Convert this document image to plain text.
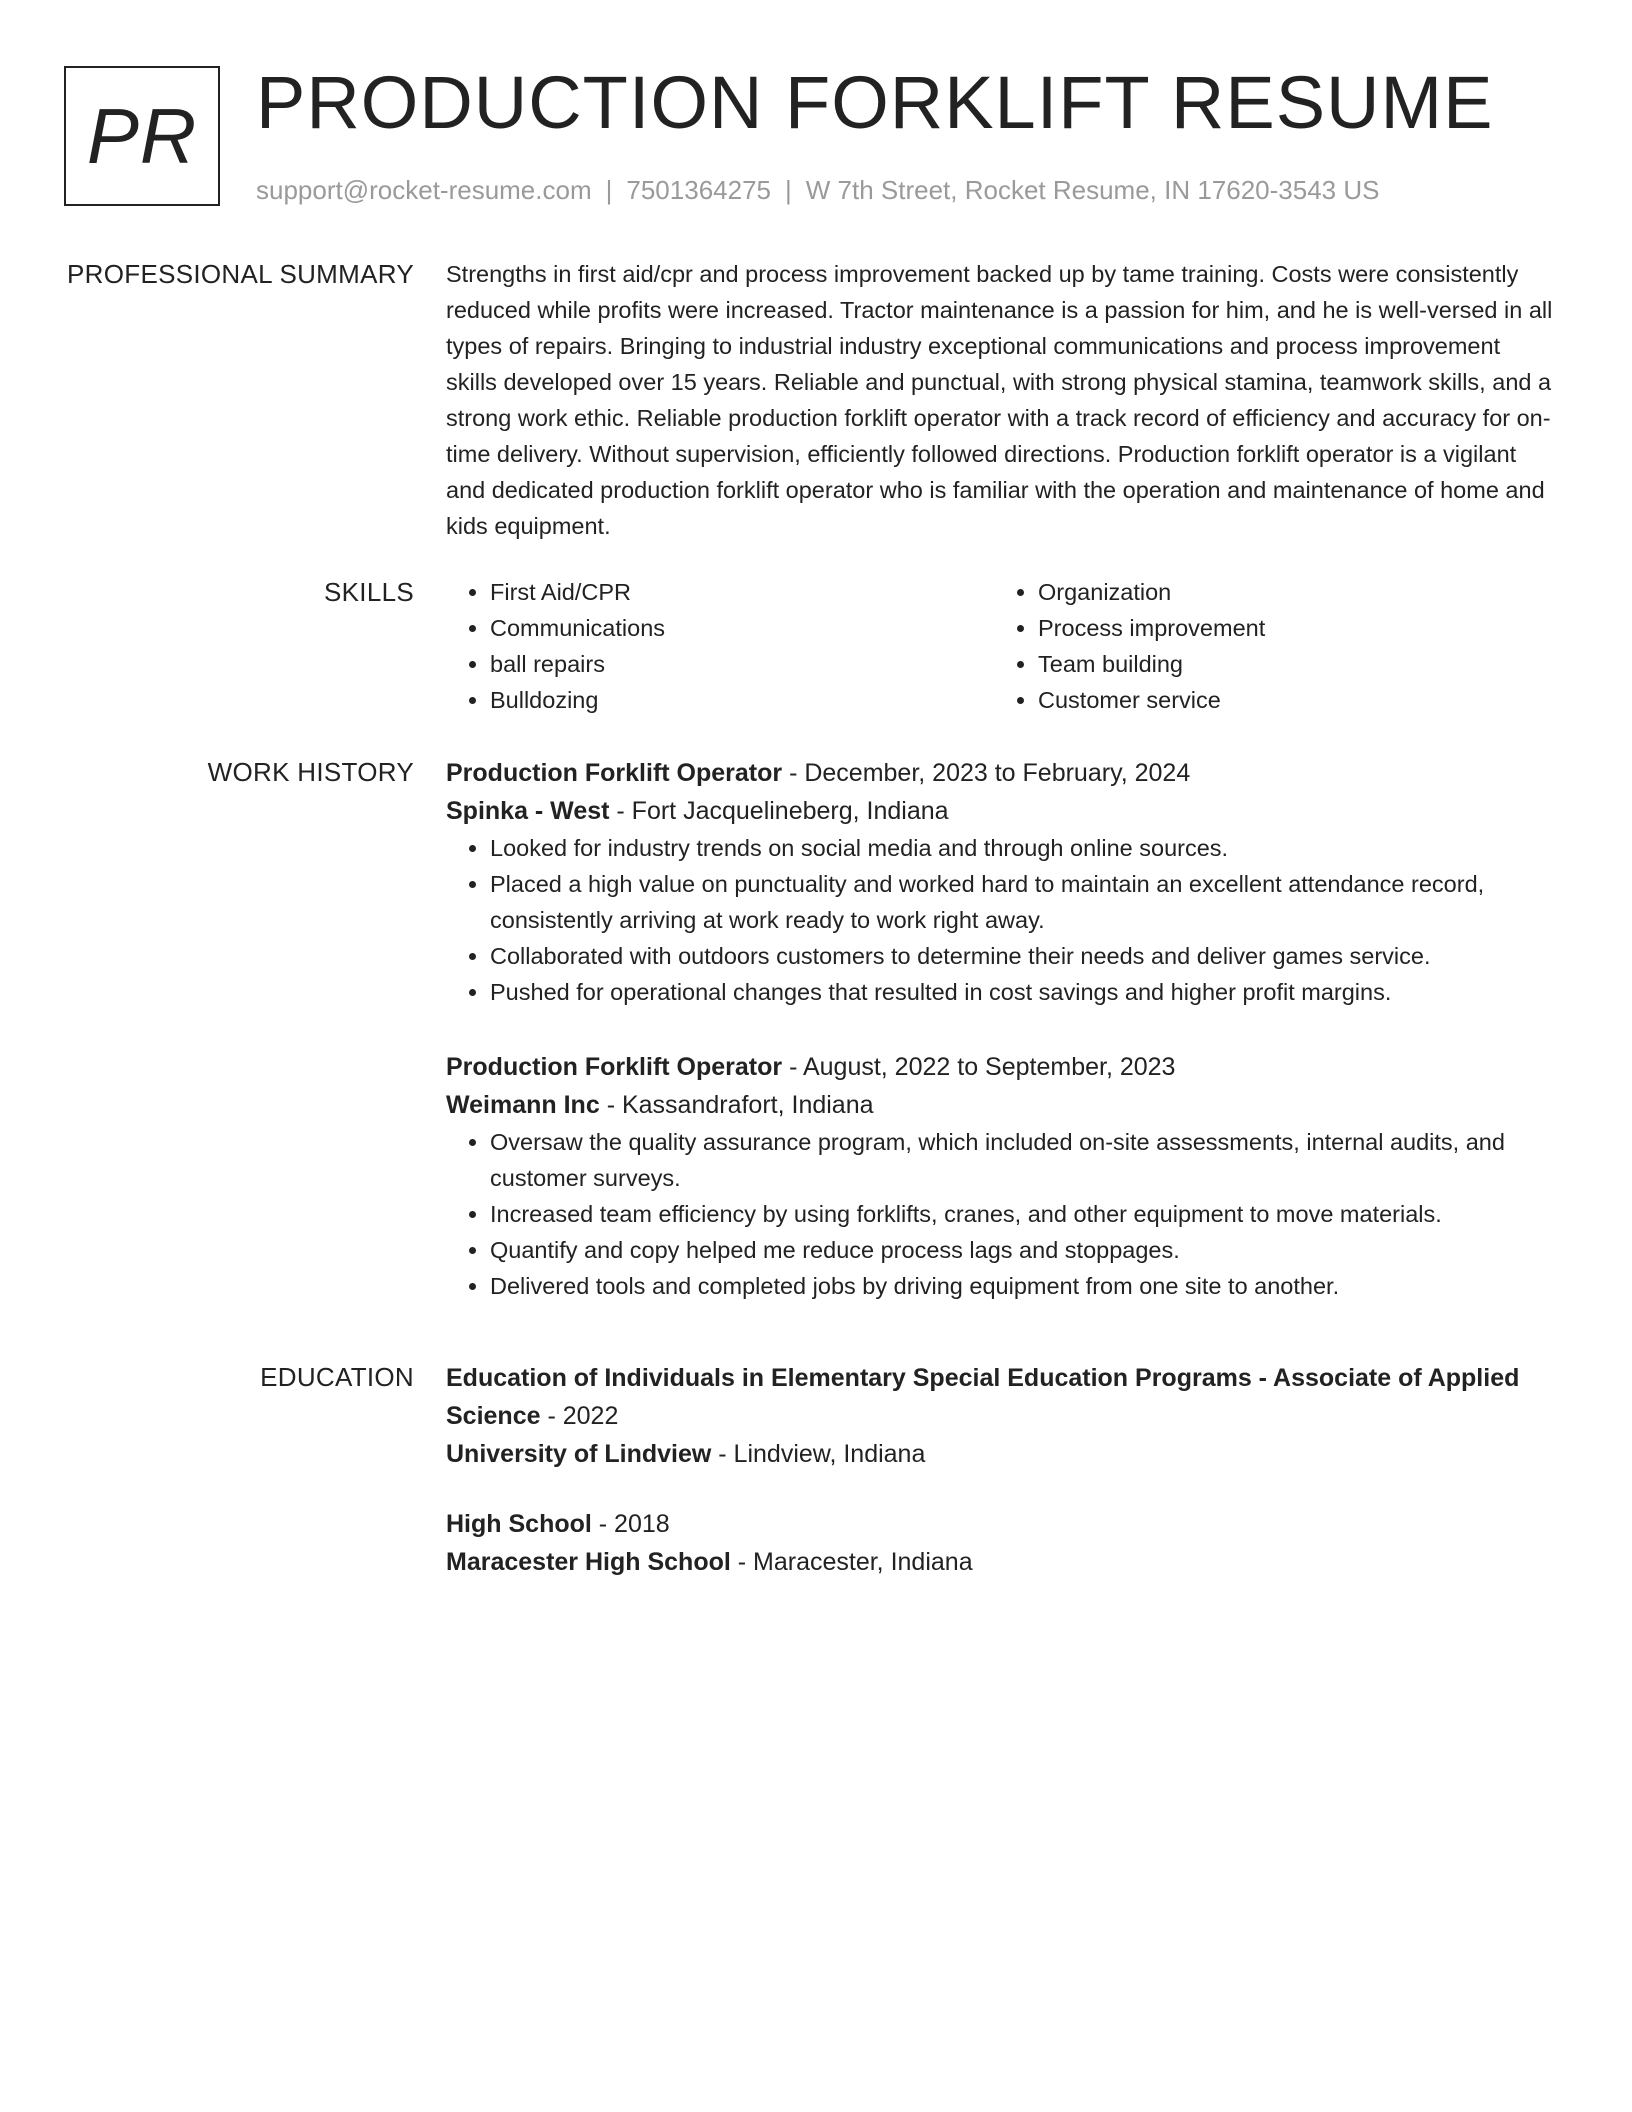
PR PRODUCTION FORKLIFT RESUME
support@rocket-resume.com | 7501364275 | W 7th Street, Rocket Resume, IN 17620-3543 US
PROFESSIONAL SUMMARY Strengths in first aid/cpr and process improvement backed up by tame training. Costs were consistently reduced while profits were increased. Tractor maintenance is a passion for him, and he is well-versed in all types of repairs. Bringing to industrial industry exceptional communications and process improvement skills developed over 15 years. Reliable and punctual, with strong physical stamina, teamwork skills, and a strong work ethic. Reliable production forklift operator with a track record of efficiency and accuracy for on-time delivery. Without supervision, efficiently followed directions. Production forklift operator is a vigilant and dedicated production forklift operator who is familiar with the operation and maintenance of home and kids equipment.

SKILLS
•	First Aid/CPR
• Communications
• ball repairs
• Bulldozing
• Organization
• Process improvement
• Team building
• Customer service
WORK HISTORY Production Forklift Operator - December, 2023 to February, 2024
Spinka - West - Fort Jacquelineberg, Indiana
• Looked for industry trends on social media and through online sources.
• Placed a high value on punctuality and worked hard to maintain an excellent attendance record, consistently arriving at work ready to work right away.
• Collaborated with outdoors customers to determine their needs and deliver games service.
• Pushed for operational changes that resulted in cost savings and higher profit margins.
Production Forklift Operator - August, 2022 to September, 2023
Weimann Inc - Kassandrafort, Indiana
• Oversaw the quality assurance program, which included on-site assessments, internal audits, and customer surveys.
• Increased team efficiency by using forklifts, cranes, and other equipment to move materials.
• Quantify and copy helped me reduce process lags and stoppages.
• Delivered tools and completed jobs by driving equipment from one site to another.
EDUCATION Education of Individuals in Elementary Special Education Programs - Associate of Applied Science - 2022
University of Lindview - Lindview, Indiana
High School - 2018
Maracester High School - Maracester, Indiana
